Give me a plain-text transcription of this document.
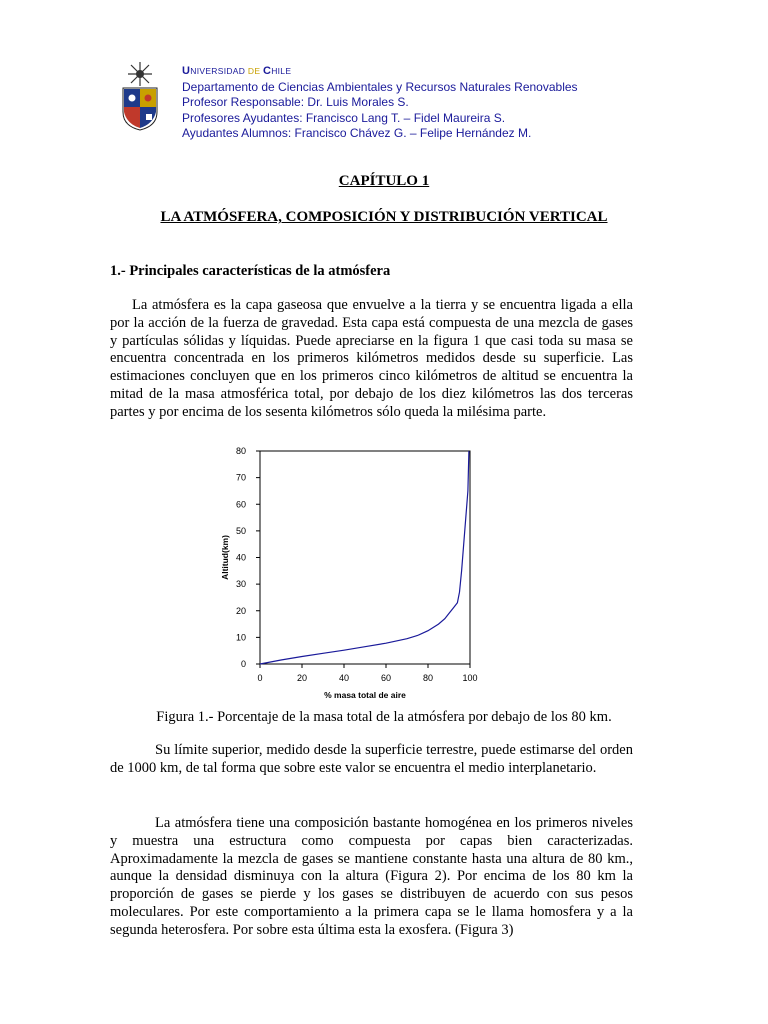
UNIVERSIDAD DE CHILE
Departamento de Ciencias Ambientales y Recursos Naturales Renovables
Profesor Responsable: Dr. Luis Morales S.
Profesores Ayudantes: Francisco Lang T. – Fidel Maureira S.
Ayudantes Alumnos: Francisco Chávez G. – Felipe Hernández M.
CAPÍTULO 1
LA ATMÓSFERA, COMPOSICIÓN Y DISTRIBUCIÓN VERTICAL
1.- Principales características de la atmósfera
La atmósfera es la capa gaseosa que envuelve a la tierra y se encuentra ligada a ella por la acción de la fuerza de gravedad. Esta capa está compuesta de una mezcla de gases y partículas sólidas y líquidas. Puede apreciarse en la figura 1 que casi toda su masa se encuentra concentrada en los primeros kilómetros medidos desde su superficie. Las estimaciones concluyen que en los primeros cinco kilómetros de altitud se encuentra la mitad de la masa atmosférica total, por debajo de los diez kilómetros las dos terceras partes y por encima de los sesenta kilómetros sólo queda la milésima parte.
0
10
20
30
40
50
60
70
80
0	20	40	60	80	100
% masa total de aire
Altitud(km)
Figura 1.- Porcentaje de la masa total de la atmósfera por debajo de los 80 km.
Su límite superior, medido desde la superficie terrestre, puede estimarse del orden de 1000 km, de tal forma que sobre este valor se encuentra el medio interplanetario.
La atmósfera tiene una composición bastante homogénea en los primeros niveles y muestra una estructura como compuesta por capas bien caracterizadas. Aproximadamente la mezcla de gases se mantiene constante hasta una altura de 80 km., aunque la densidad disminuya con la altura (Figura 2). Por encima de los 80 km la proporción de gases se pierde y los gases se distribuyen de acuerdo con sus pesos moleculares. Por este comportamiento a la primera capa se le llama homosfera y a la segunda heterosfera. Por sobre esta última esta la exosfera. (Figura 3)
